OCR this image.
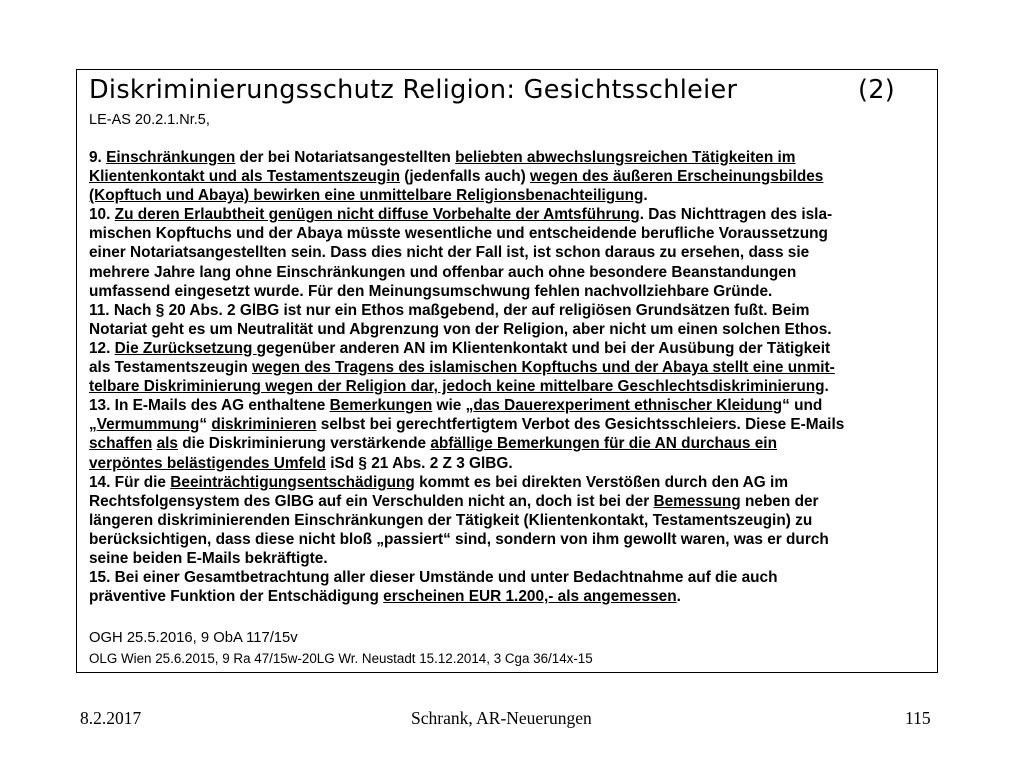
Diskriminierungsschutz Religion: Gesichtsschleier	(2)
LE-AS 20.2.1.Nr.5,
9. Einschränkungen der bei Notariatsangestellten beliebten abwechslungsreichen Tätigkeiten im
Klientenkontakt und als Testamentszeugin (jedenfalls auch) wegen des äußeren Erscheinungsbildes
(Kopftuch und Abaya) bewirken eine unmittelbare Religionsbenachteiligung.
10. Zu deren Erlaubtheit genügen nicht diffuse Vorbehalte der Amtsführung. Das Nichttragen des isla-
mischen Kopftuchs und der Abaya müsste wesentliche und entscheidende berufliche Voraussetzung
einer Notariatsangestellten sein. Dass dies nicht der Fall ist, ist schon daraus zu ersehen, dass sie
mehrere Jahre lang ohne Einschränkungen und offenbar auch ohne besondere Beanstandungen
umfassend eingesetzt wurde. Für den Meinungsumschwung fehlen nachvollziehbare Gründe.
11. Nach § 20 Abs. 2 GlBG ist nur ein Ethos maßgebend, der auf religiösen Grundsätzen fußt. Beim
Notariat geht es um Neutralität und Abgrenzung von der Religion, aber nicht um einen solchen Ethos.
12. Die Zurücksetzung gegenüber anderen AN im Klientenkontakt und bei der Ausübung der Tätigkeit
als Testamentszeugin wegen des Tragens des islamischen Kopftuchs und der Abaya stellt eine unmit-
telbare Diskriminierung wegen der Religion dar, jedoch keine mittelbare Geschlechtsdiskriminierung.
13. In E-Mails des AG enthaltene Bemerkungen wie „das Dauerexperiment ethnischer Kleidung“ und
„Vermummung“ diskriminieren selbst bei gerechtfertigtem Verbot des Gesichtsschleiers. Diese E-Mails
schaffen als die Diskriminierung verstärkende abfällige Bemerkungen für die AN durchaus ein
verpöntes belästigendes Umfeld iSd § 21 Abs. 2 Z 3 GlBG.
14. Für die Beeinträchtigungsentschädigung kommt es bei direkten Verstößen durch den AG im
Rechtsfolgensystem des GlBG auf ein Verschulden nicht an, doch ist bei der Bemessung neben der
längeren diskriminierenden Einschränkungen der Tätigkeit (Klientenkontakt, Testamentszeugin) zu
berücksichtigen, dass diese nicht bloß „passiert“ sind, sondern von ihm gewollt waren, was er durch
seine beiden E-Mails bekräftigte.
15. Bei einer Gesamtbetrachtung aller dieser Umstände und unter Bedachtnahme auf die auch
präventive Funktion der Entschädigung erscheinen EUR 1.200,- als angemessen.
OGH 25.5.2016, 9 ObA 117/15v
OLG Wien 25.6.2015, 9 Ra 47/15w-20LG Wr. Neustadt 15.12.2014, 3 Cga 36/14x-15
8.2.2017	Schrank, AR-Neuerungen	115
